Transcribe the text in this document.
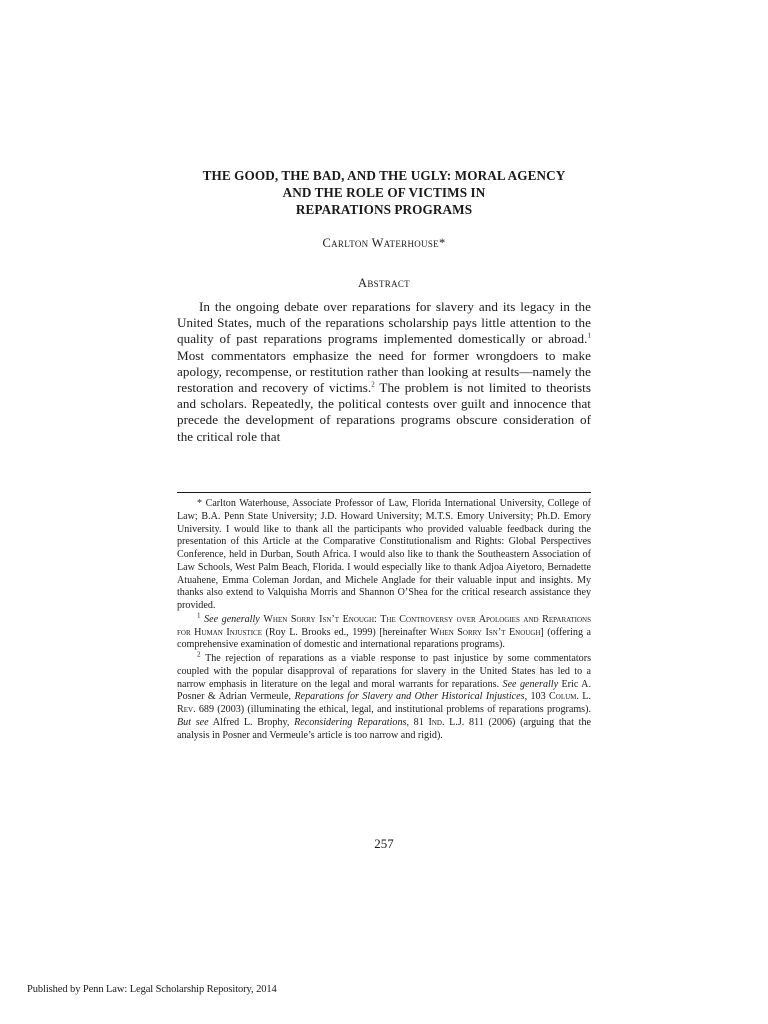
THE GOOD, THE BAD, AND THE UGLY: MORAL AGENCY
AND THE ROLE OF VICTIMS IN
REPARATIONS PROGRAMS
Carlton Waterhouse*
Abstract
In the ongoing debate over reparations for slavery and its legacy in the United States, much of the reparations scholarship pays little attention to the quality of past reparations programs implemented domestically or abroad.$^1$ Most commentators emphasize the need for former wrongdoers to make apology, recompense, or restitution rather than looking at results—namely the restoration and recovery of victims.$^2$ The problem is not limited to theorists and scholars. Repeatedly, the political contests over guilt and innocence that precede the development of reparations programs obscure consideration of the critical role that

* Carlton Waterhouse, Associate Professor of Law, Florida International University, College of Law; B.A. Penn State University; J.D. Howard University; M.T.S. Emory University; Ph.D. Emory University. I would like to thank all the participants who provided valuable feedback during the presentation of this Article at the Comparative Constitutionalism and Rights: Global Perspectives Conference, held in Durban, South Africa. I would also like to thank the Southeastern Association of Law Schools, West Palm Beach, Florida. I would especially like to thank Adjoa Aiyetoro, Bernadette Atuahene, Emma Coleman Jordan, and Michele Anglade for their valuable input and insights. My thanks also extend to Valquisha Morris and Shannon O’Shea for the critical research assistance they provided.

$^1$ See generally When Sorry Isn’t Enough: The Controversy over Apologies and Reparations for Human Injustice (Roy L. Brooks ed., 1999) [hereinafter When Sorry Isn’t Enough] (offering a comprehensive examination of domestic and international reparations programs).

$^2$ The rejection of reparations as a viable response to past injustice by some commentators coupled with the popular disapproval of reparations for slavery in the United States has led to a narrow emphasis in literature on the legal and moral warrants for reparations. See generally Eric A. Posner & Adrian Vermeule, Reparations for Slavery and Other Historical Injustices, 103 Colum. L. Rev. 689 (2003) (illuminating the ethical, legal, and institutional problems of reparations programs). But see Alfred L. Brophy, Reconsidering Reparations, 81 Ind. L.J. 811 (2006) (arguing that the analysis in Posner and Vermeule’s article is too narrow and rigid).

257
Published by Penn Law: Legal Scholarship Repository, 2014
